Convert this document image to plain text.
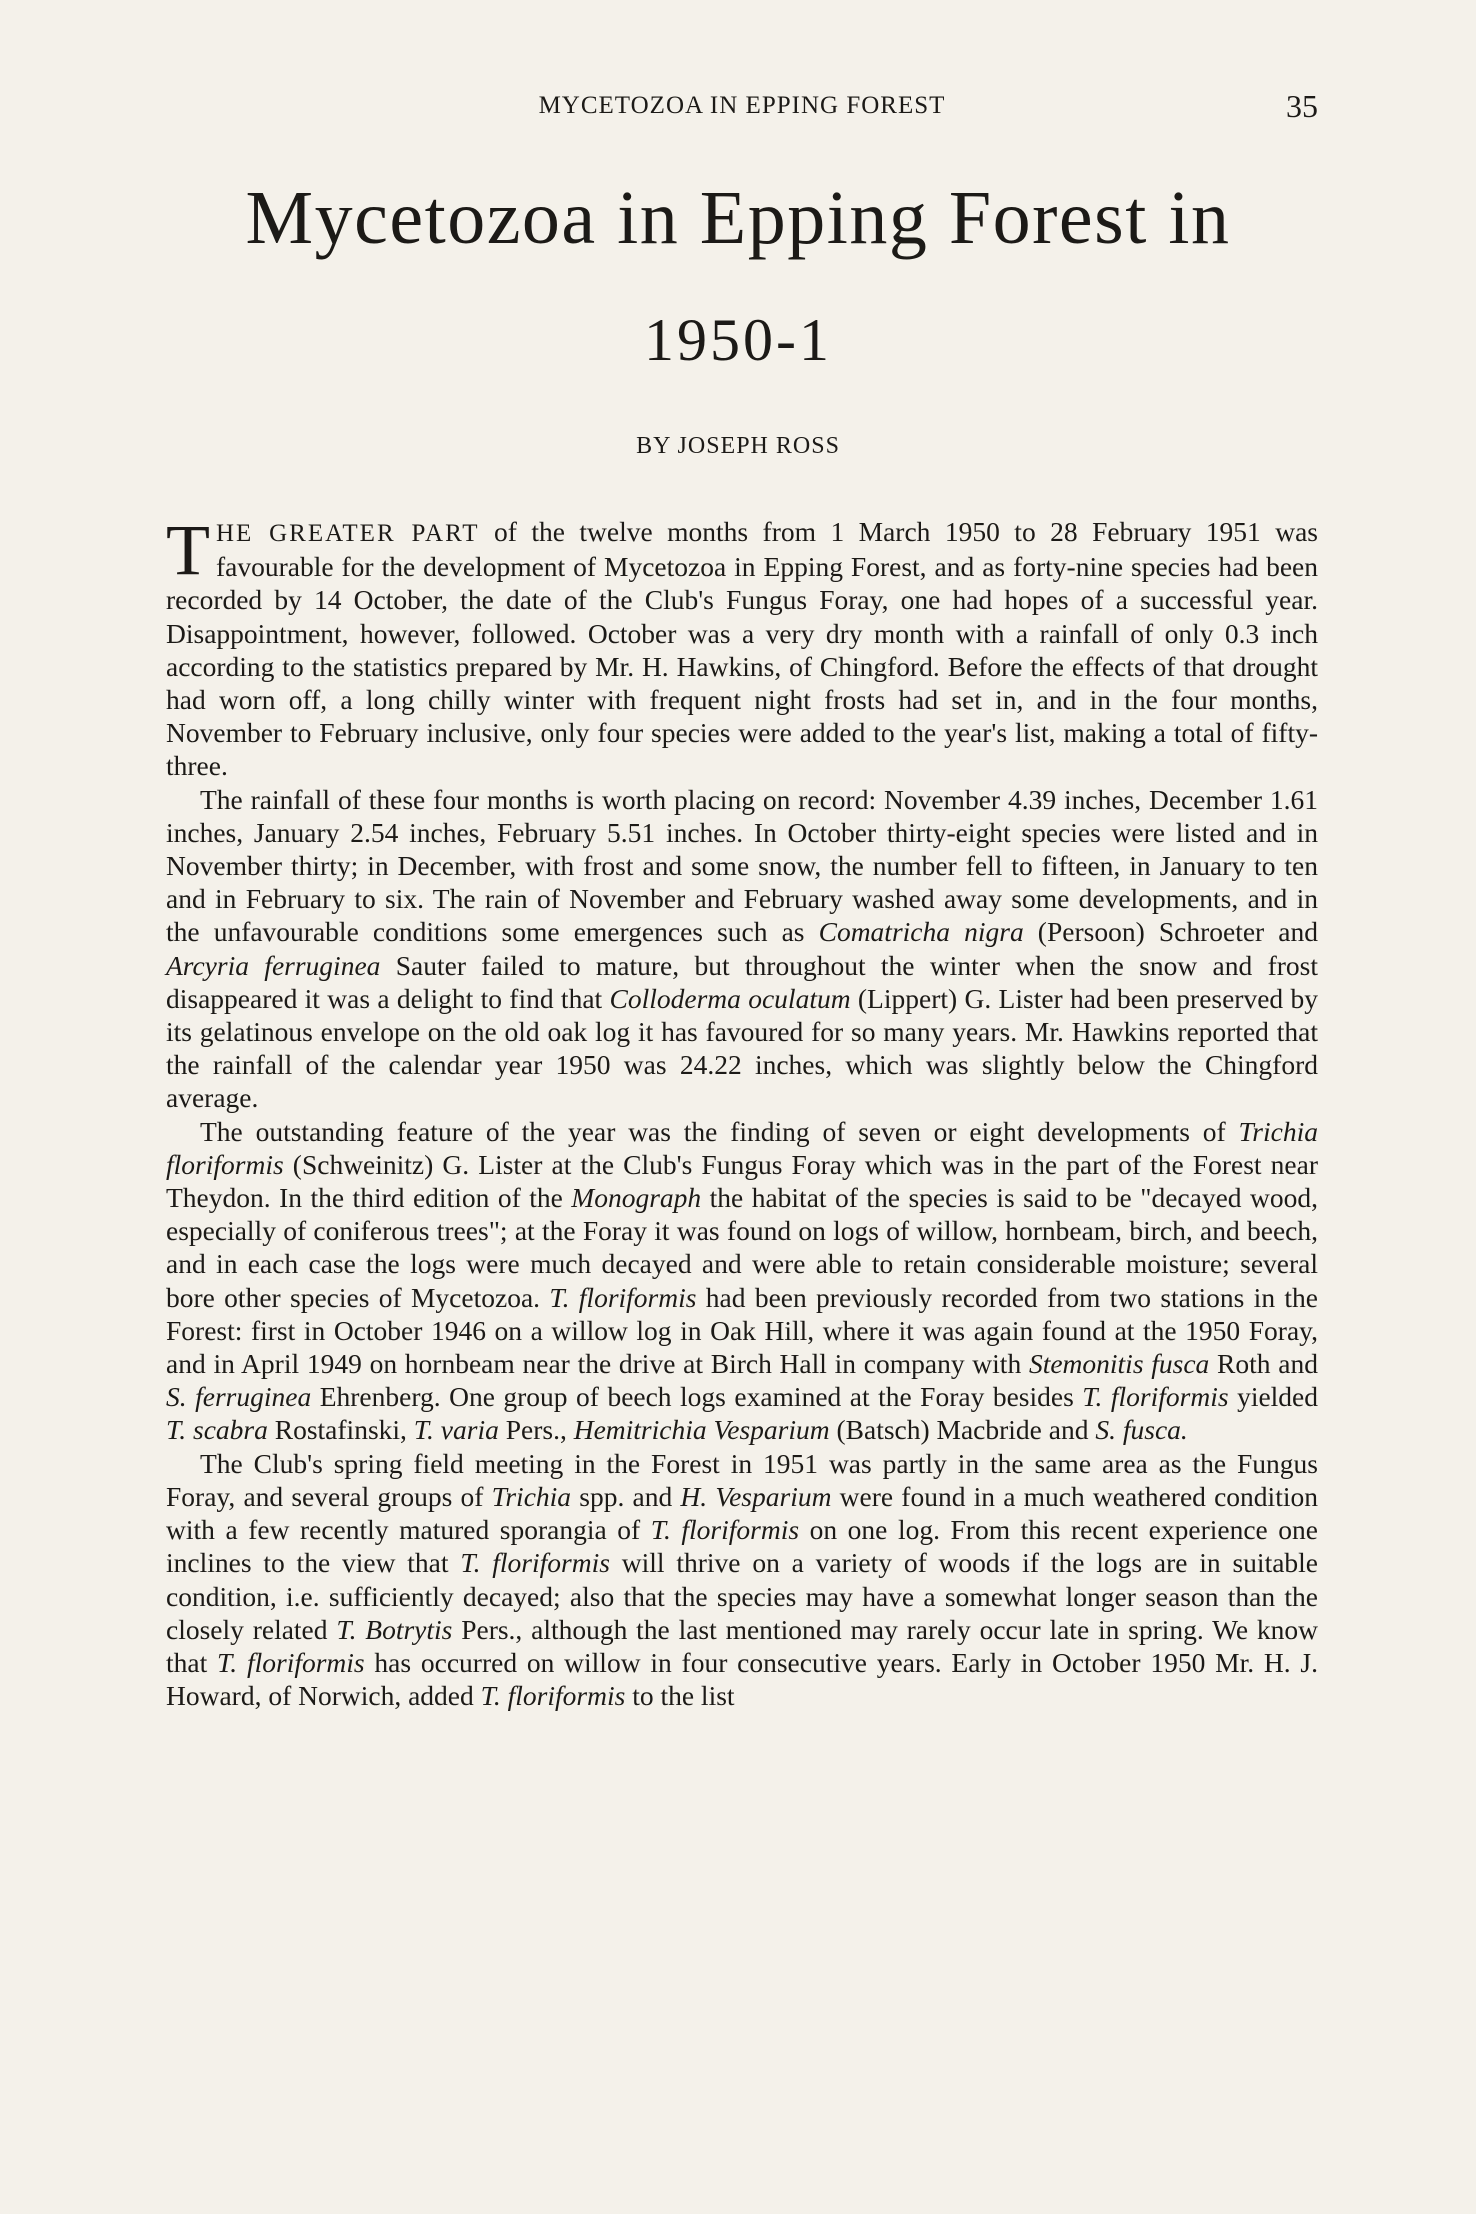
MYCETOZOA IN EPPING FOREST	35
Mycetozoa in Epping Forest in
1950-1
BY JOSEPH ROSS

THE GREATER PART of the twelve months from 1 March 1950 to 28 February 1951 was favourable for the development of Mycetozoa in Epping Forest, and as forty-nine species had been recorded by 14 October, the date of the Club's Fungus Foray, one had hopes of a successful year. Disappointment, however, followed. October was a very dry month with a rainfall of only 0.3 inch according to the statistics prepared by Mr. H. Hawkins, of Chingford. Before the effects of that drought had worn off, a long chilly winter with frequent night frosts had set in, and in the four months, November to February inclusive, only four species were added to the year's list, making a total of fifty-three.

The rainfall of these four months is worth placing on record: November 4.39 inches, December 1.61 inches, January 2.54 inches, February 5.51 inches. In October thirty-eight species were listed and in November thirty; in December, with frost and some snow, the number fell to fifteen, in January to ten and in February to six. The rain of November and February washed away some developments, and in the unfavourable conditions some emergences such as Comatricha nigra (Persoon) Schroeter and Arcyria ferruginea Sauter failed to mature, but throughout the winter when the snow and frost disappeared it was a delight to find that Colloderma oculatum (Lippert) G. Lister had been preserved by its gelatinous envelope on the old oak log it has favoured for so many years. Mr. Hawkins reported that the rainfall of the calendar year 1950 was 24.22 inches, which was slightly below the Chingford average.

The outstanding feature of the year was the finding of seven or eight developments of Trichia floriformis (Schweinitz) G. Lister at the Club's Fungus Foray which was in the part of the Forest near Theydon. In the third edition of the Monograph the habitat of the species is said to be "decayed wood, especially of coniferous trees"; at the Foray it was found on logs of willow, hornbeam, birch, and beech, and in each case the logs were much decayed and were able to retain considerable moisture; several bore other species of Mycetozoa. T. floriformis had been previously recorded from two stations in the Forest: first in October 1946 on a willow log in Oak Hill, where it was again found at the 1950 Foray, and in April 1949 on hornbeam near the drive at Birch Hall in company with Stemonitis fusca Roth and S. ferruginea Ehrenberg. One group of beech logs examined at the Foray besides T. floriformis yielded T. scabra Rostafinski, T. varia Pers., Hemitrichia Vesparium (Batsch) Macbride and S. fusca.

The Club's spring field meeting in the Forest in 1951 was partly in the same area as the Fungus Foray, and several groups of Trichia spp. and H. Vesparium were found in a much weathered condition with a few recently matured sporangia of T. floriformis on one log. From this recent experience one inclines to the view that T. floriformis will thrive on a variety of woods if the logs are in suitable condition, i.e. sufficiently decayed; also that the species may have a somewhat longer season than the closely related T. Botrytis Pers., although the last mentioned may rarely occur late in spring. We know that T. floriformis has occurred on willow in four consecutive years. Early in October 1950 Mr. H. J. Howard, of Norwich, added T. floriformis to the list
